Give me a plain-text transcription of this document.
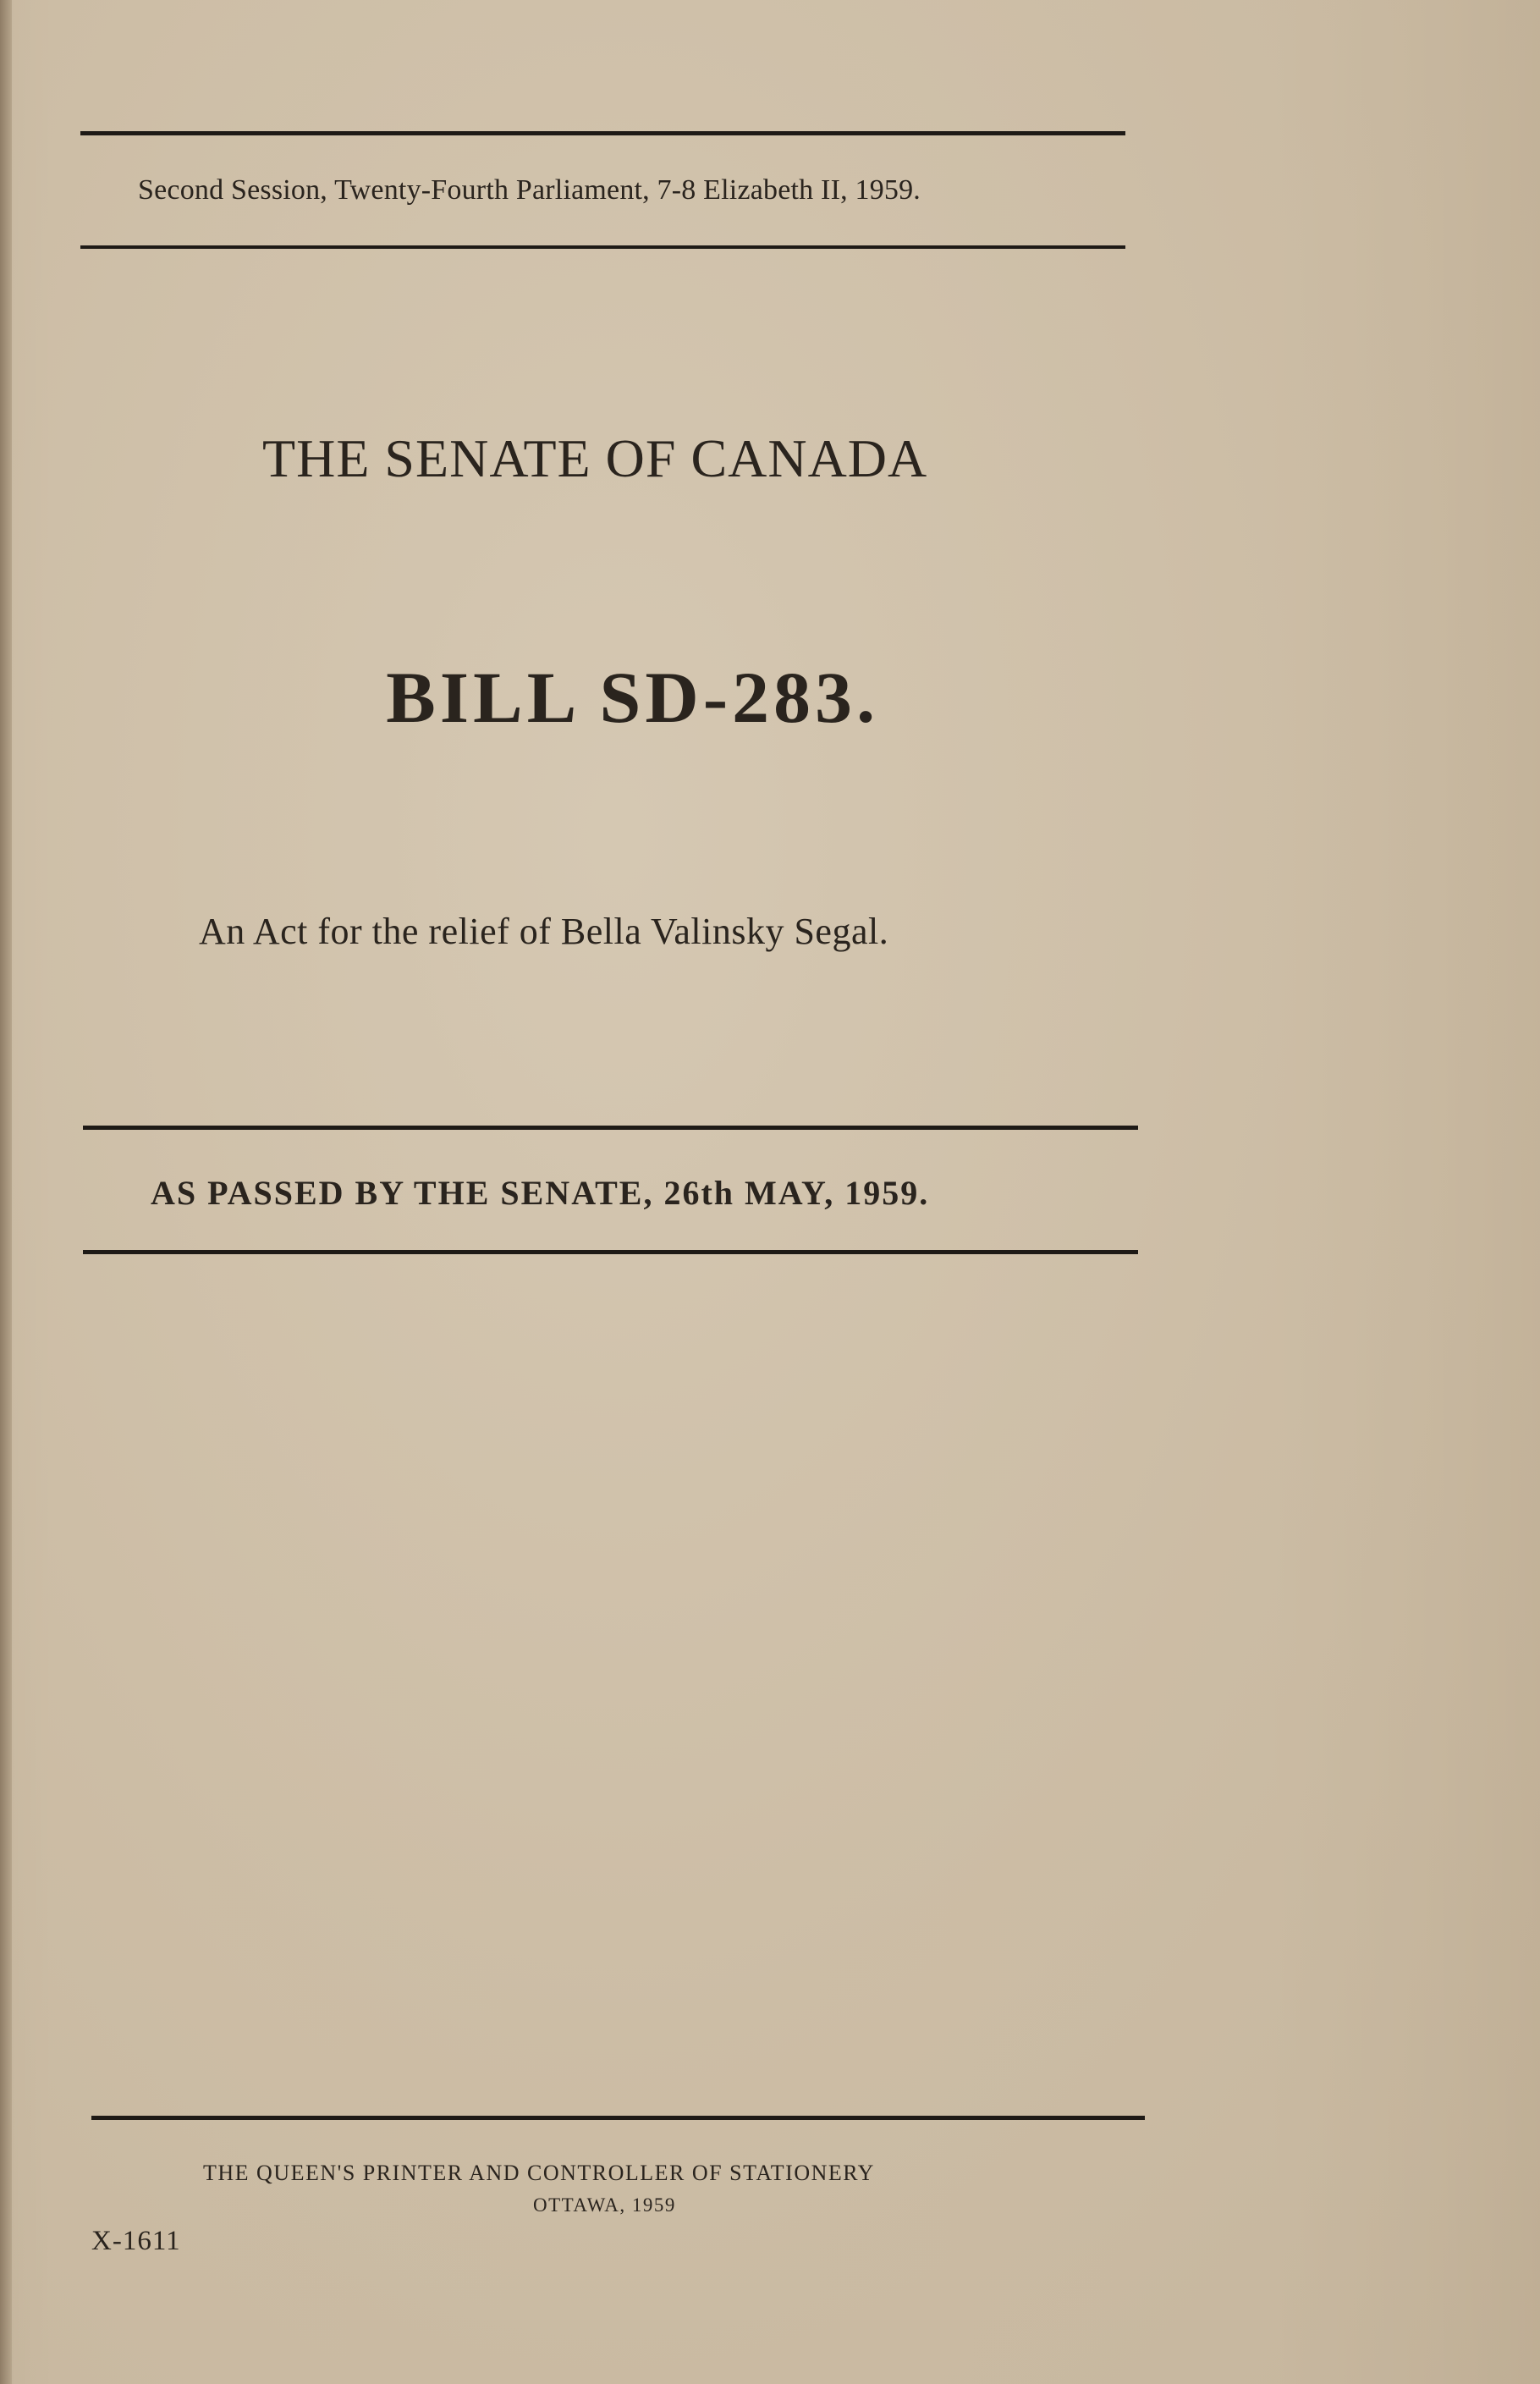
Second Session, Twenty-Fourth Parliament, 7-8 Elizabeth II, 1959.
THE SENATE OF CANADA
BILL SD-283.
An Act for the relief of Bella Valinsky Segal.
AS PASSED BY THE SENATE, 26th MAY, 1959.
THE QUEEN'S PRINTER AND CONTROLLER OF STATIONERY
OTTAWA, 1959
X-1611
